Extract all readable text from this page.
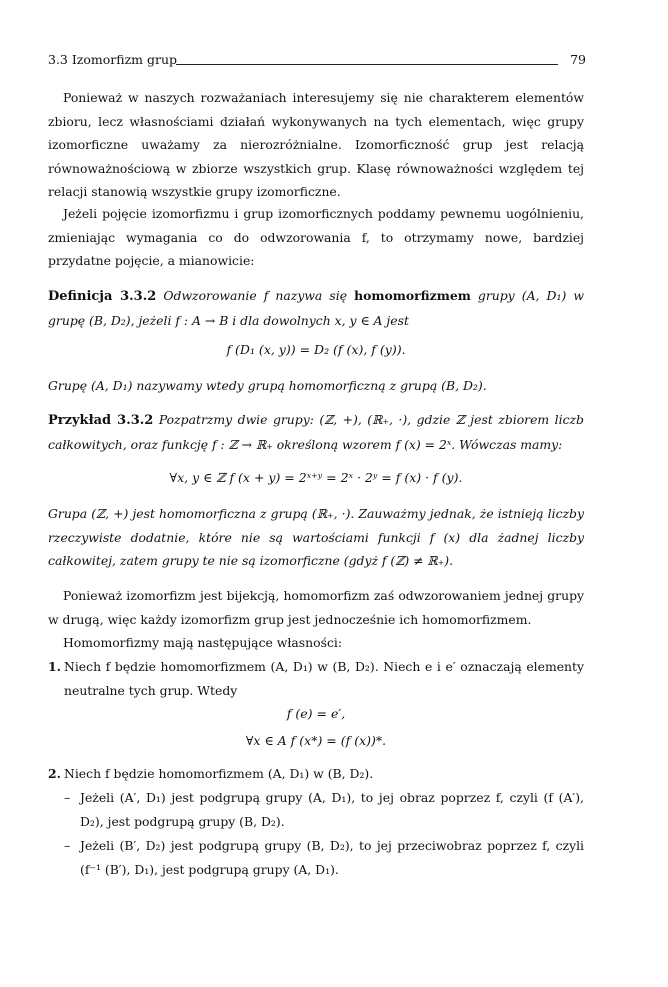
3.3 Izomorfizm grup	79

Ponieważ w naszych rozważaniach interesujemy się nie charakterem elementów zbioru, lecz własnościami działań wykonywanych na tych elementach, więc grupy izomorficzne uważamy za nierozróżnialne. Izomorficzność grup jest relacją równoważnościową w zbiorze wszystkich grup. Klasę równoważności względem tej relacji stanowią wszystkie grupy izomorficzne.

Jeżeli pojęcie izomorfizmu i grup izomorficznych poddamy pewnemu uogólnieniu, zmieniając wymagania co do odwzorowania f, to otrzymamy nowe, bardziej przydatne pojęcie, a mianowicie:

Definicja 3.3.2 Odwzorowanie f nazywa się homomorfizmem grupy (A, D₁) w grupę (B, D₂), jeżeli f : A → B i dla dowolnych x, y ∈ A jest
f (D₁ (x, y)) = D₂ (f (x), f (y)).
Grupę (A, D₁) nazywamy wtedy grupą homomorficzną z grupą (B, D₂).
Przykład 3.3.2 Pozpatrzmy dwie grupy: (ℤ, +), (ℝ₊, ·), gdzie ℤ jest zbiorem liczb całkowitych, oraz funkcję f : ℤ → ℝ₊ określoną wzorem f (x) = 2ˣ. Wówczas mamy:
∀x, y ∈ ℤ f (x + y) = 2ˣ⁺ʸ = 2ˣ · 2ʸ = f (x) · f (y).
Grupa (ℤ, +) jest homomorficzna z grupą (ℝ₊, ·). Zauważmy jednak, że istnieją liczby rzeczywiste dodatnie, które nie są wartościami funkcji f (x) dla żadnej liczby całkowitej, zatem grupy te nie są izomorficzne (gdyż f (ℤ) ≠ ℝ₊).

Ponieważ izomorfizm jest bijekcją, homomorfizm zaś odwzorowaniem jednej grupy w drugą, więc każdy izomorfizm grup jest jednocześnie ich homomorfizmem.

Homomorfizmy mają następujące własności:

1. Niech f będzie homomorfizmem (A, D₁) w (B, D₂). Niech e i e′ oznaczają elementy neutralne tych grup. Wtedy
f (e) = e′,
∀x ∈ A f (x*) = (f (x))*.
2. Niech f będzie homomorfizmem (A, D₁) w (B, D₂).
– Jeżeli (A′, D₁) jest podgrupą grupy (A, D₁), to jej obraz poprzez f, czyli (f (A′), D₂), jest podgrupą grupy (B, D₂).
– Jeżeli (B′, D₂) jest podgrupą grupy (B, D₂), to jej przeciwobraz poprzez f, czyli (f⁻¹ (B′), D₁), jest podgrupą grupy (A, D₁).
